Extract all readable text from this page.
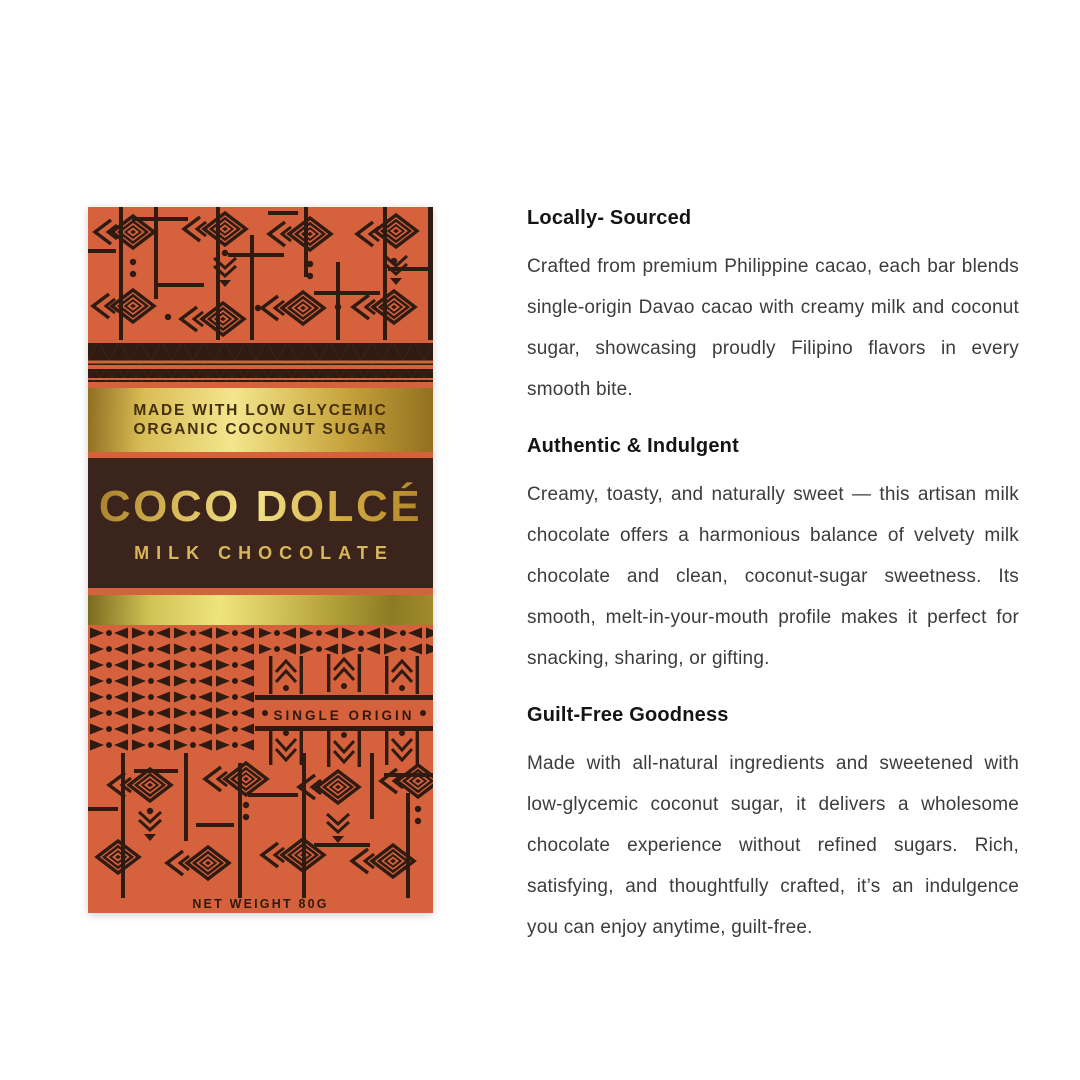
MADE WITH LOW GLYCEMIC
ORGANIC COCONUT SUGAR
COCO DOLCÉ
MILK CHOCOLATE
SINGLE ORIGIN
NET WEIGHT 80G
Locally- Sourced

Crafted from premium Philippine cacao, each bar blends single-origin Davao cacao with creamy milk and coconut sugar, showcasing proudly Filipino flavors in every smooth bite.

Authentic & Indulgent

Creamy, toasty, and naturally sweet — this artisan milk chocolate offers a harmonious balance of velvety milk chocolate and clean, coconut-sugar sweetness. Its smooth, melt-in-your-mouth profile makes it perfect for snacking, sharing, or gifting.

Guilt-Free Goodness

Made with all-natural ingredients and sweetened with low-glycemic coconut sugar, it delivers a wholesome chocolate experience without refined sugars. Rich, satisfying, and thoughtfully crafted, it’s an indulgence you can enjoy anytime, guilt-free.
